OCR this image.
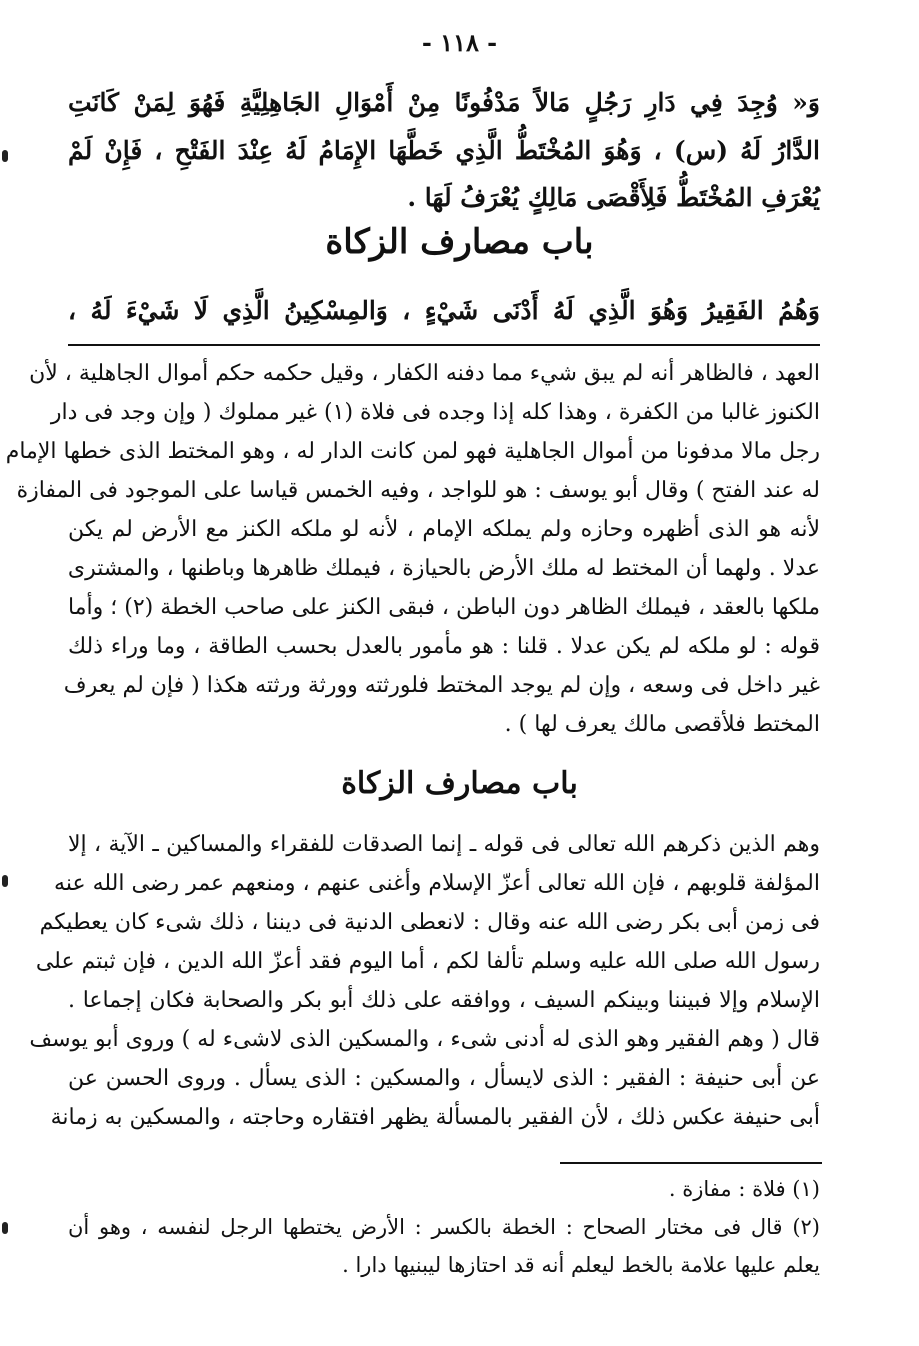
- ١١٨ -
وَ« وُجِدَ فِي دَارِ رَجُلٍ مَالاً مَدْفُونًا مِنْ أَمْوَالِ الجَاهِلِيَّةِ فَهُوَ لِمَنْ كَانَتِ
الدَّارُ لَهُ (س) ، وَهُوَ المُخْتَطُّ الَّذِي خَطَّهَا الإِمَامُ لَهُ عِنْدَ الفَتْحِ ، فَإِنْ لَمْ
يُعْرَفِ المُخْتَطُّ فَلِأَقْصَى مَالِكٍ يُعْرَفُ لَهَا .
باب مصارف الزكاة
وَهُمُ الفَقِيرُ وَهُوَ الَّذِي لَهُ أَدْنَى شَيْءٍ ، وَالمِسْكِينُ الَّذِي لَا شَيْءَ لَهُ ،
العهد ، فالظاهر أنه لم يبق شيء مما دفنه الكفار ، وقيل حكمه حكم أموال الجاهلية ، لأن
الكنوز غالبا من الكفرة ، وهذا كله إذا وجده فى فلاة (١) غير مملوك ( وإن وجد فى دار
رجل مالا مدفونا من أموال الجاهلية فهو لمن كانت الدار له ، وهو المختط الذى خطها الإمام
له عند الفتح ) وقال أبو يوسف : هو للواجد ، وفيه الخمس قياسا على الموجود فى المفازة
لأنه هو الذى أظهره وحازه ولم يملكه الإمام ، لأنه لو ملكه الكنز مع الأرض لم يكن
عدلا . ولهما أن المختط له ملك الأرض بالحيازة ، فيملك ظاهرها وباطنها ، والمشترى
ملكها بالعقد ، فيملك الظاهر دون الباطن ، فبقى الكنز على صاحب الخطة (٢) ؛ وأما
قوله : لو ملكه لم يكن عدلا . قلنا : هو مأمور بالعدل بحسب الطاقة ، وما وراء ذلك
غير داخل فى وسعه ، وإن لم يوجد المختط فلورثته وورثة ورثته هكذا ( فإن لم يعرف
المختط فلأقصى مالك يعرف لها ) .
باب مصارف الزكاة
وهم الذين ذكرهم الله تعالى فى قوله ـ إنما الصدقات للفقراء والمساكين ـ الآية ، إلا
المؤلفة قلوبهم ، فإن الله تعالى أعزّ الإسلام وأغنى عنهم ، ومنعهم عمر رضى الله عنه
فى زمن أبى بكر رضى الله عنه وقال : لانعطى الدنية فى ديننا ، ذلك شىء كان يعطيكم
رسول الله صلى الله عليه وسلم تألفا لكم ، أما اليوم فقد أعزّ الله الدين ، فإن ثبتم على
الإسلام وإلا فبيننا وبينكم السيف ، ووافقه على ذلك أبو بكر والصحابة فكان إجماعا .
قال ( وهم الفقير وهو الذى له أدنى شىء ، والمسكين الذى لاشىء له ) وروى أبو يوسف
عن أبى حنيفة : الفقير : الذى لايسأل ، والمسكين : الذى يسأل . وروى الحسن عن
أبى حنيفة عكس ذلك ، لأن الفقير بالمسألة يظهر افتقاره وحاجته ، والمسكين به زمانة
(١) فلاة : مفازة .
(٢) قال فى مختار الصحاح : الخطة بالكسر : الأرض يختطها الرجل لنفسه ، وهو أن
يعلم عليها علامة بالخط ليعلم أنه قد احتازها ليبنيها دارا .
